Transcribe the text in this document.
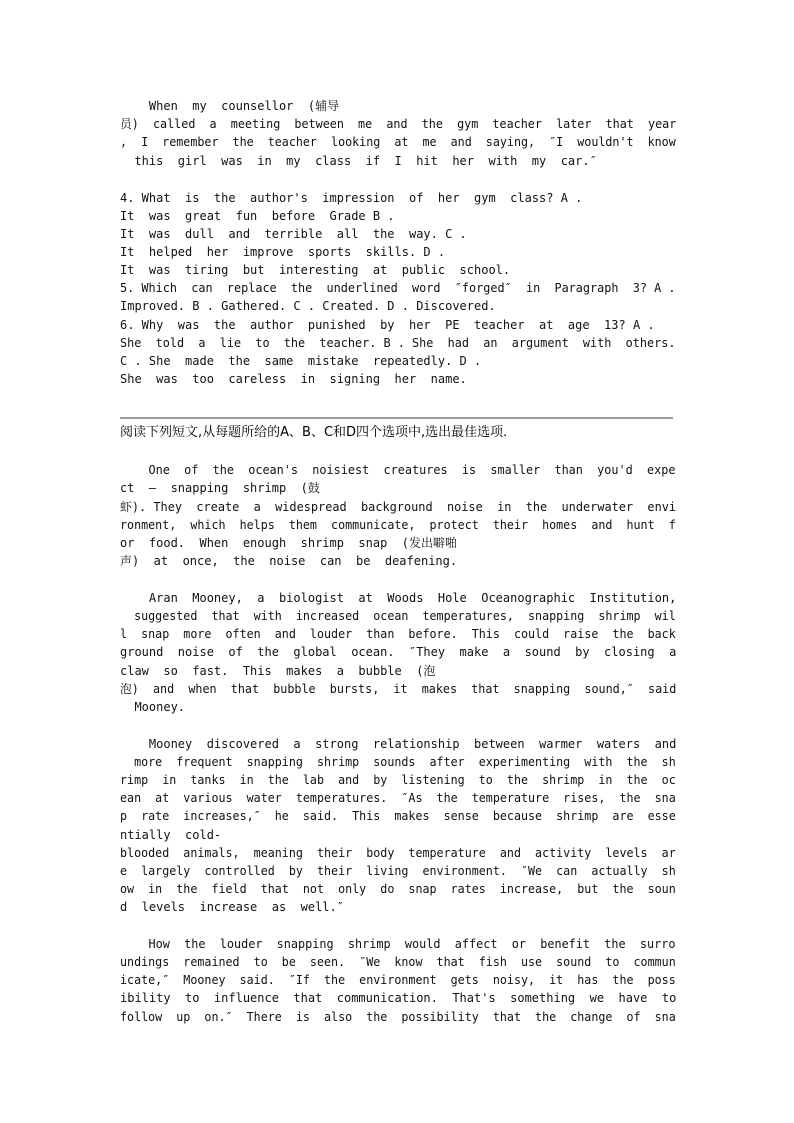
When  my  counsellor  (辅导
员)  called  a  meeting  between  me  and  the  gym  teacher  later  that  year
,  I  remember  the  teacher  looking  at  me  and  saying,  ″I  wouldn't  know
this  girl  was  in  my  class  if  I  hit  her  with  my  car.″
4. What  is  the  author's  impression  of  her  gym  class? A .
It  was  great  fun  before  Grade B .
It  was  dull  and  terrible  all  the  way. C .
It  helped  her  improve  sports  skills. D .
It  was  tiring  but  interesting  at  public  school.
5. Which  can  replace  the  underlined  word  ″forged″  in  Paragraph  3? A .
Improved. B . Gathered. C . Created. D . Discovered.
6. Why  was  the  author  punished  by  her  PE  teacher  at  age  13? A .
She  told  a  lie  to  the  teacher. B . She  had  an  argument  with  others.
C . She  made  the  same  mistake  repeatedly. D .
She  was  too  careless  in  signing  her  name.
阅读下列短文,从每题所给的A、B、C和D四个选项中,选出最佳选项.
One  of  the  ocean's  noisiest  creatures  is  smaller  than  you'd  expe
ct  —  snapping  shrimp  (鼓
虾). They  create  a  widespread  background  noise  in  the  underwater  envi
ronment,  which  helps  them  communicate,  protect  their  homes  and  hunt  f
or  food.  When  enough  shrimp  snap  (发出噼啪
声)  at  once,  the  noise  can  be  deafening.
Aran  Mooney,  a  biologist  at  Woods  Hole  Oceanographic  Institution,
suggested  that  with  increased  ocean  temperatures,  snapping  shrimp  wil
l  snap  more  often  and  louder  than  before.  This  could  raise  the  back
ground  noise  of  the  global  ocean.  ″They  make  a  sound  by  closing  a
claw  so  fast.  This  makes  a  bubble  (泡
泡)  and  when  that  bubble  bursts,  it  makes  that  snapping  sound,″  said
Mooney.
Mooney  discovered  a  strong  relationship  between  warmer  waters  and
more  frequent  snapping  shrimp  sounds  after  experimenting  with  the  sh
rimp  in  tanks  in  the  lab  and  by  listening  to  the  shrimp  in  the  oc
ean  at  various  water  temperatures.  ″As  the  temperature  rises,  the  sna
p  rate  increases,″  he  said.  This  makes  sense  because  shrimp  are  esse
ntially  cold-
blooded  animals,  meaning  their  body  temperature  and  activity  levels  ar
e  largely  controlled  by  their  living  environment.  ″We  can  actually  sh
ow  in  the  field  that  not  only  do  snap  rates  increase,  but  the  soun
d  levels  increase  as  well.″
How  the  louder  snapping  shrimp  would  affect  or  benefit  the  surro
undings  remained  to  be  seen.  ″We  know  that  fish  use  sound  to  commun
icate,″  Mooney  said.  ″If  the  environment  gets  noisy,  it  has  the  poss
ibility  to  influence  that  communication.  That's  something  we  have  to
follow  up  on.″  There  is  also  the  possibility  that  the  change  of  sna
